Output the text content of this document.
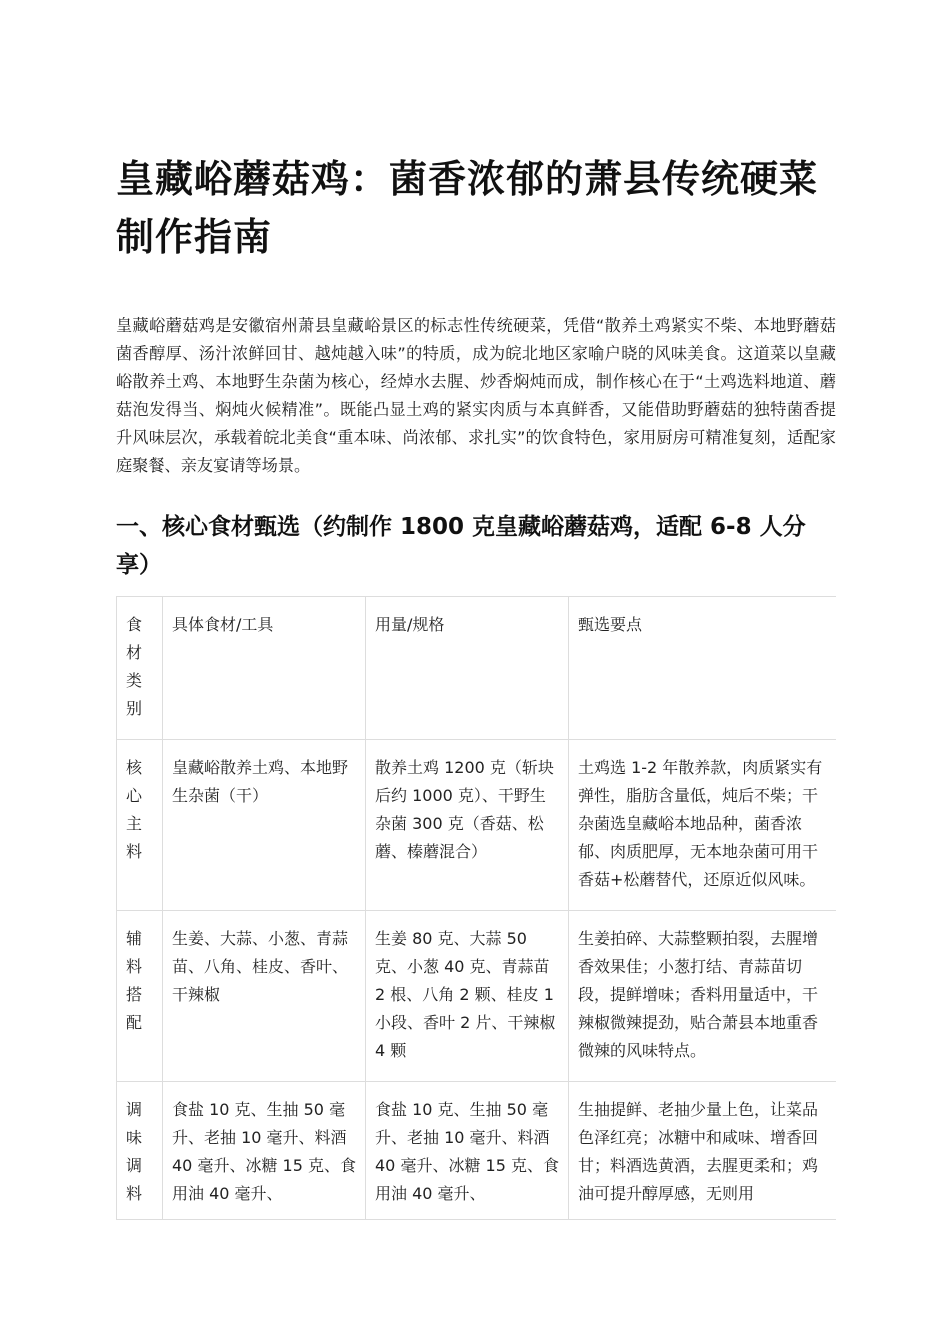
皇藏峪蘑菇鸡：菌香浓郁的萧县传统硬菜制作指南

皇藏峪蘑菇鸡是安徽宿州萧县皇藏峪景区的标志性传统硬菜，凭借“散养土鸡紧实不柴、本地野蘑菇菌香醇厚、汤汁浓鲜回甘、越炖越入味”的特质，成为皖北地区家喻户晓的风味美食。这道菜以皇藏峪散养土鸡、本地野生杂菌为核心，经焯水去腥、炒香焖炖而成，制作核心在于“土鸡选料地道、蘑菇泡发得当、焖炖火候精准”。既能凸显土鸡的紧实肉质与本真鲜香，又能借助野蘑菇的独特菌香提升风味层次，承载着皖北美食“重本味、尚浓郁、求扎实”的饮食特色，家用厨房可精准复刻，适配家庭聚餐、亲友宴请等场景。

一、核心食材甄选（约制作 1800 克皇藏峪蘑菇鸡，适配 6-8 人分享）
食材类别	具体食材/工具	用量/规格	甄选要点
核心主料	皇藏峪散养土鸡、本地野生杂菌（干）	散养土鸡 1200 克（斩块后约 1000 克）、干野生杂菌 300 克（香菇、松蘑、榛蘑混合）	土鸡选 1-2 年散养款，肉质紧实有弹性，脂肪含量低，炖后不柴；干杂菌选皇藏峪本地品种，菌香浓郁、肉质肥厚，无本地杂菌可用干香菇+松蘑替代，还原近似风味。
辅料搭配	生姜、大蒜、小葱、青蒜苗、八角、桂皮、香叶、干辣椒	生姜 80 克、大蒜 50 克、小葱 40 克、青蒜苗 2 根、八角 2 颗、桂皮 1 小段、香叶 2 片、干辣椒 4 颗	生姜拍碎、大蒜整颗拍裂，去腥增香效果佳；小葱打结、青蒜苗切段，提鲜增味；香料用量适中，干辣椒微辣提劲，贴合萧县本地重香微辣的风味特点。
调味调料	食盐 10 克、生抽 50 毫升、老抽 10 毫升、料酒 40 毫升、冰糖 15 克、食用油 40 毫升、	食盐 10 克、生抽 50 毫升、老抽 10 毫升、料酒 40 毫升、冰糖 15 克、食用油 40 毫升、	生抽提鲜、老抽少量上色，让菜品色泽红亮；冰糖中和咸味、增香回甘；料酒选黄酒，去腥更柔和；鸡油可提升醇厚感，无则用
